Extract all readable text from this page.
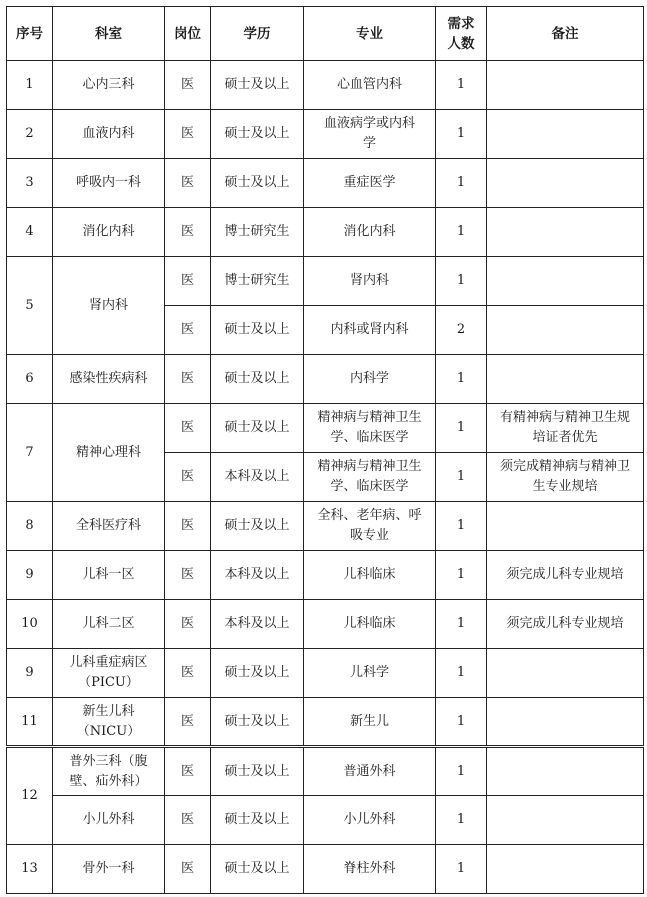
序号	科室	岗位	学历	专业	需求人数	备注
1	心内三科	医	硕士及以上	心血管内科	1	
2	血液内科	医	硕士及以上	血液病学或内科学	1	
3	呼吸内一科	医	硕士及以上	重症医学	1	
4	消化内科	医	博士研究生	消化内科	1	
5	肾内科	医	博士研究生	肾内科	1	
		医	硕士及以上	内科或肾内科	2	
6	感染性疾病科	医	硕士及以上	内科学	1	
7	精神心理科	医	硕士及以上	精神病与精神卫生学、临床医学	1	有精神病与精神卫生规培证者优先
		医	本科及以上	精神病与精神卫生学、临床医学	1	须完成精神病与精神卫生专业规培
8	全科医疗科	医	硕士及以上	全科、老年病、呼吸专业	1	
9	儿科一区	医	本科及以上	儿科临床	1	须完成儿科专业规培
10	儿科二区	医	本科及以上	儿科临床	1	须完成儿科专业规培
9	儿科重症病区（PICU）	医	硕士及以上	儿科学	1	
11	新生儿科（NICU）	医	硕士及以上	新生儿	1	
12	普外三科（腹壁、疝外科）	医	硕士及以上	普通外科	1	
	小儿外科	医	硕士及以上	小儿外科	1	
13	骨外一科	医	硕士及以上	脊柱外科	1	
